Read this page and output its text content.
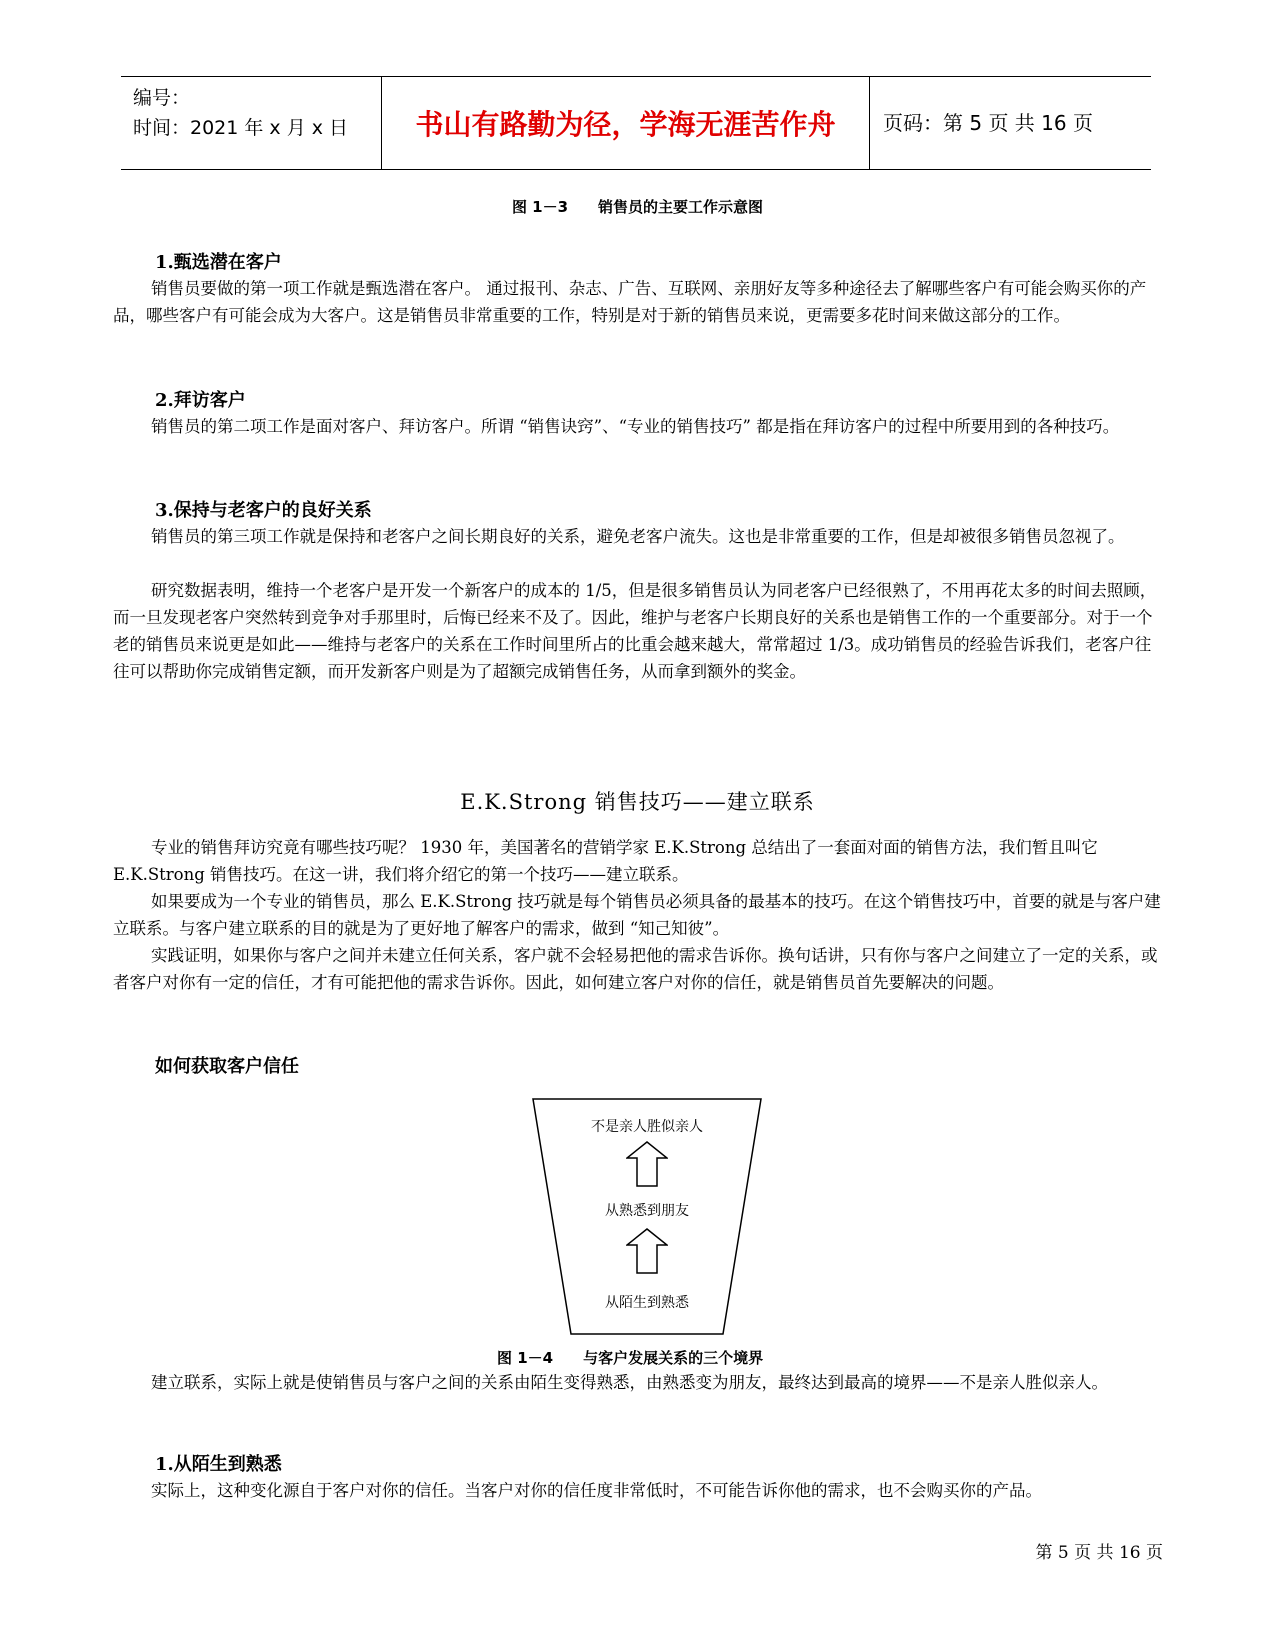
编号：
时间：2021 年 x 月 x 日	书山有路勤为径，学海无涯苦作舟	页码：第 5 页 共 16 页
图 1－3　　销售员的主要工作示意图
1.甄选潜在客户

销售员要做的第一项工作就是甄选潜在客户。 通过报刊、杂志、广告、互联网、亲朋好友等多种途径去了解哪些客户有可能会购买你的产品，哪些客户有可能会成为大客户。这是销售员非常重要的工作，特别是对于新的销售员来说，更需要多花时间来做这部分的工作。

2.拜访客户

销售员的第二项工作是面对客户、拜访客户。所谓 “销售诀窍”、“专业的销售技巧” 都是指在拜访客户的过程中所要用到的各种技巧。

3.保持与老客户的良好关系

销售员的第三项工作就是保持和老客户之间长期良好的关系，避免老客户流失。这也是非常重要的工作，但是却被很多销售员忽视了。

研究数据表明，维持一个老客户是开发一个新客户的成本的 1/5，但是很多销售员认为同老客户已经很熟了，不用再花太多的时间去照顾，而一旦发现老客户突然转到竞争对手那里时，后悔已经来不及了。因此，维护与老客户长期良好的关系也是销售工作的一个重要部分。对于一个老的销售员来说更是如此——维持与老客户的关系在工作时间里所占的比重会越来越大，常常超过 1/3。成功销售员的经验告诉我们，老客户往往可以帮助你完成销售定额，而开发新客户则是为了超额完成销售任务，从而拿到额外的奖金。

E.K.Strong 销售技巧——建立联系

专业的销售拜访究竟有哪些技巧呢？ 1930 年，美国著名的营销学家 E.K.Strong 总结出了一套面对面的销售方法，我们暂且叫它 E.K.Strong 销售技巧。在这一讲，我们将介绍它的第一个技巧——建立联系。

如果要成为一个专业的销售员，那么 E.K.Strong 技巧就是每个销售员必须具备的最基本的技巧。在这个销售技巧中，首要的就是与客户建立联系。与客户建立联系的目的就是为了更好地了解客户的需求，做到 “知己知彼”。

实践证明，如果你与客户之间并未建立任何关系，客户就不会轻易把他的需求告诉你。换句话讲，只有你与客户之间建立了一定的关系，或者客户对你有一定的信任，才有可能把他的需求告诉你。因此，如何建立客户对你的信任，就是销售员首先要解决的问题。

如何获取客户信任
不是亲人胜似亲人
从熟悉到朋友
从陌生到熟悉
图 1－4　　与客户发展关系的三个境界

建立联系，实际上就是使销售员与客户之间的关系由陌生变得熟悉，由熟悉变为朋友，最终达到最高的境界——不是亲人胜似亲人。

1.从陌生到熟悉

实际上，这种变化源自于客户对你的信任。当客户对你的信任度非常低时，不可能告诉你他的需求，也不会购买你的产品。

第 5 页 共 16 页
